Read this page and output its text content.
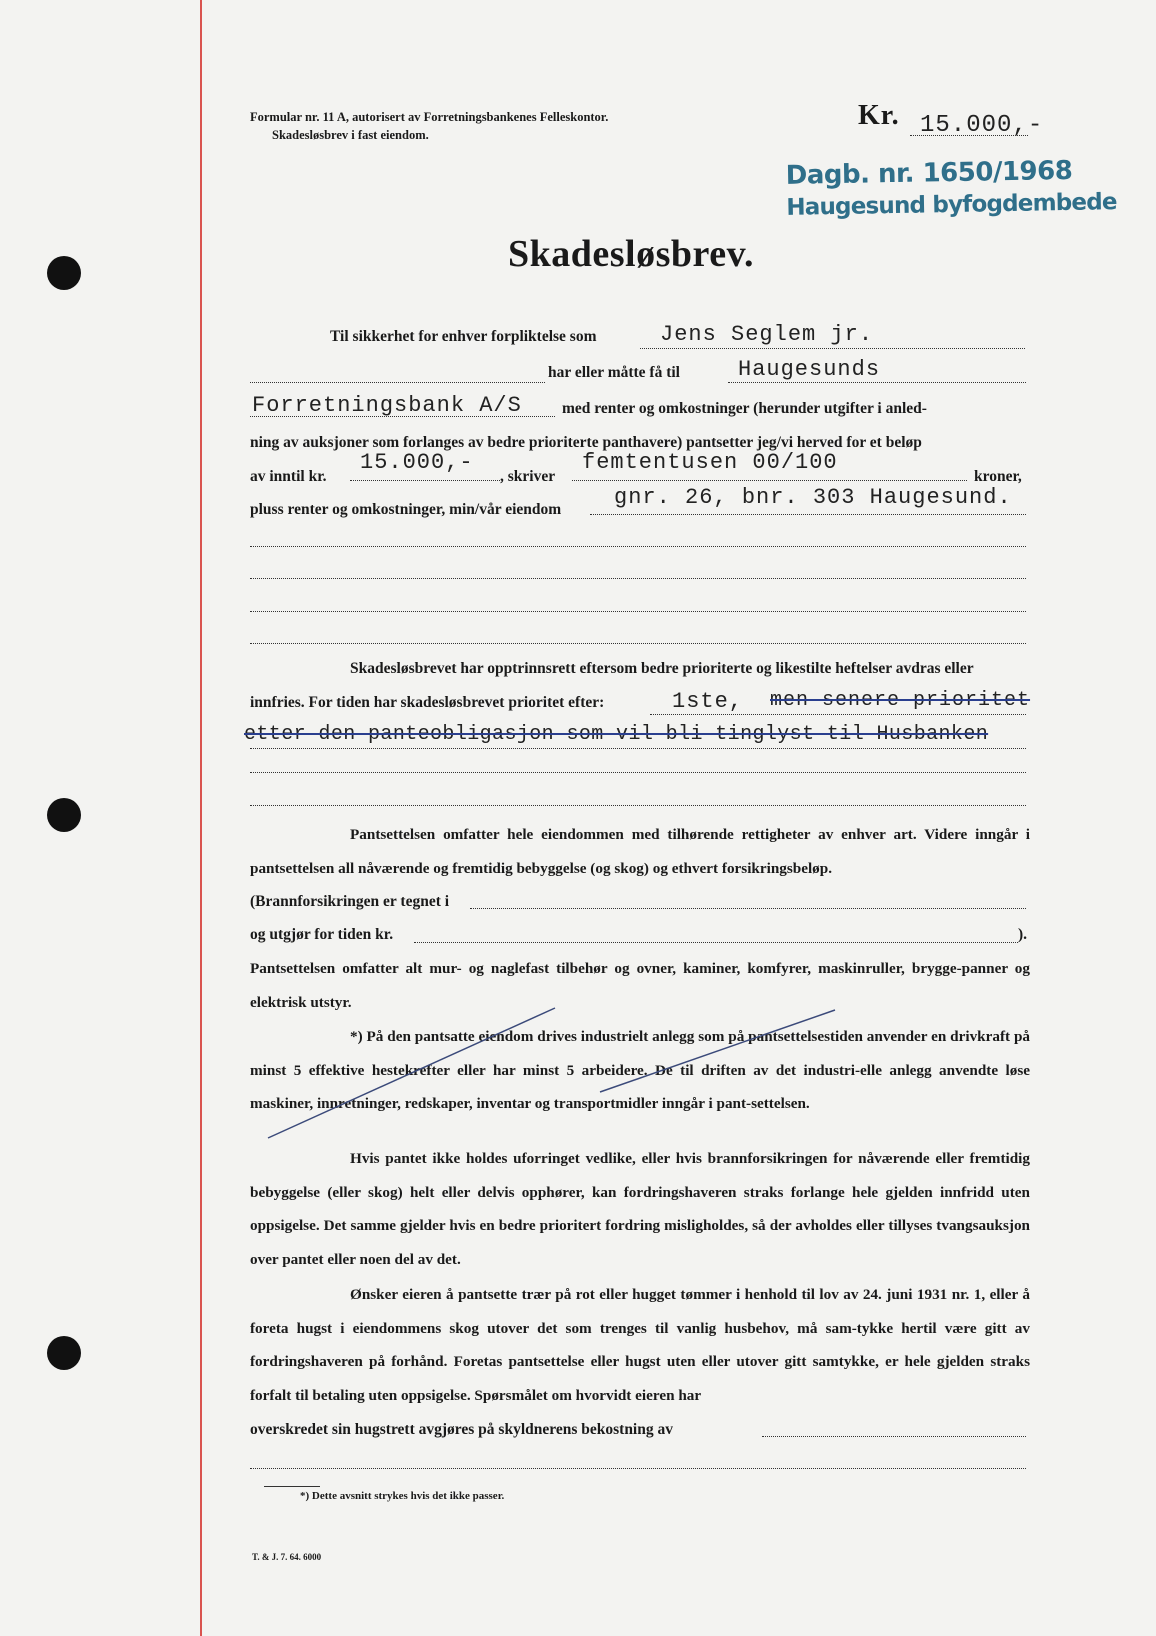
Formular nr. 11 A, autorisert av Forretningsbankenes Felleskontor.
Skadesløsbrev i fast eiendom.
Kr. 15.000,-
Dagb. nr. 1650/1968
Haugesund byfogdembede
Skadesløsbrev.
Til sikkerhet for enhver forpliktelse som	Jens Seglem jr.
har eller måtte få til	Haugesunds
Forretningsbank A/S	med renter og omkostninger (herunder utgifter i anled-
ning av auksjoner som forlanges av bedre prioriterte panthavere) pantsetter jeg/vi herved for et beløp
av inntil kr.
15.000,-
, skriver
femtentusen 00/100
kroner,
pluss renter og omkostninger, min/vår eiendom gnr. 26, bnr. 303 Haugesund.
Skadesløsbrevet har opptrinnsrett eftersom bedre prioriterte og likestilte heftelser avdras eller
innfries. For tiden har skadesløsbrevet prioritet efter:	1ste, men senere prioritet
etter den panteobligasjon som vil bli tinglyst til Husbanken
Pantsettelsen omfatter hele eiendommen med tilhørende rettigheter av enhver art. Videre inngår i pantsettelsen all nåværende og fremtidig bebyggelse (og skog) og ethvert forsikringsbeløp.
(Brannforsikringen er tegnet i
og utgjør for tiden kr.	).
Pantsettelsen omfatter alt mur- og naglefast tilbehør og ovner, kaminer, komfyrer, maskinruller, brygge-panner og elektrisk utstyr.
*) På den pantsatte eiendom drives industrielt anlegg som på pantsettelsestiden anvender en drivkraft på minst 5 effektive hestekrefter eller har minst 5 arbeidere. De til driften av det industri-elle anlegg anvendte løse maskiner, innretninger, redskaper, inventar og transportmidler inngår i pant-settelsen.
Hvis pantet ikke holdes uforringet vedlike, eller hvis brannforsikringen for nåværende eller fremtidig bebyggelse (eller skog) helt eller delvis opphører, kan fordringshaveren straks forlange hele gjelden innfridd uten oppsigelse. Det samme gjelder hvis en bedre prioritert fordring misligholdes, så der avholdes eller tillyses tvangsauksjon over pantet eller noen del av det.
Ønsker eieren å pantsette trær på rot eller hugget tømmer i henhold til lov av 24. juni 1931 nr. 1, eller å foreta hugst i eiendommens skog utover det som trenges til vanlig husbehov, må sam-tykke hertil være gitt av fordringshaveren på forhånd. Foretas pantsettelse eller hugst uten eller utover gitt samtykke, er hele gjelden straks forfalt til betaling uten oppsigelse. Spørsmålet om hvorvidt eieren har
overskredet sin hugstrett avgjøres på skyldnerens bekostning av
*) Dette avsnitt strykes hvis det ikke passer.
T. & J. 7. 64. 6000
